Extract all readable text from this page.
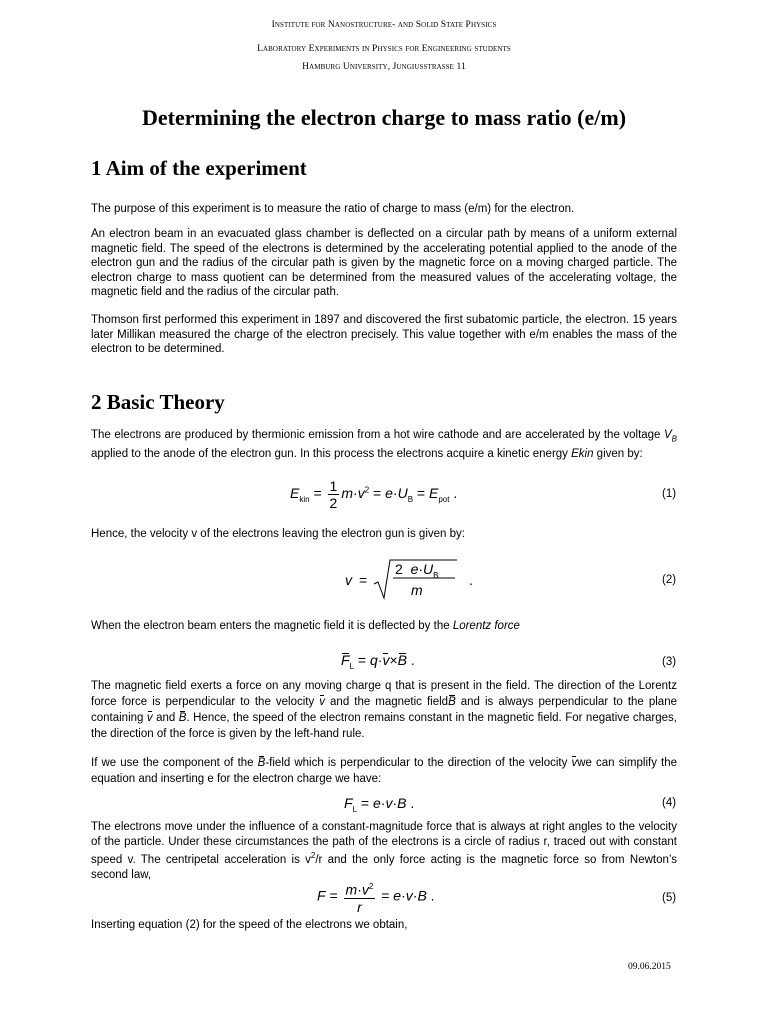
Institute for Nanostructure- and Solid State Physics
Laboratory Experiments in Physics for Engineering students
Hamburg University, Jungiusstraße 11
Determining the electron charge to mass ratio (e/m)
1 Aim of the experiment
The purpose of this experiment is to measure the ratio of charge to mass (e/m) for the electron.
An electron beam in an evacuated glass chamber is deflected on a circular path by means of a uniform external magnetic field. The speed of the electrons is determined by the accelerating potential applied to the anode of the electron gun and the radius of the circular path is given by the magnetic force on a moving charged particle. The electron charge to mass quotient can be determined from the measured values of the accelerating voltage, the magnetic field and the radius of the circular path.
Thomson first performed this experiment in 1897 and discovered the first subatomic particle, the electron. 15 years later Millikan measured the charge of the electron precisely. This value together with e/m enables the mass of the electron to be determined.
2 Basic Theory
The electrons are produced by thermionic emission from a hot wire cathode and are accelerated by the voltage $V_B$ applied to the anode of the electron gun. In this process the electrons acquire a kinetic energy Ekin given by:
$E_{kin} = \frac{1}{2} m\cdot v^2 = e\cdot U_B = E_{pot}$ .	(1)
Hence, the velocity v of the electrons leaving the electron gun is given by:
v =
2  $e\cdot U_B$
m
.	(2)
When the electron beam enters the magnetic field it is deflected by the Lorentz force
$F_L = q\cdot v\times B$ .	(3)
The magnetic field exerts a force on any moving charge q that is present in the field. The direction of the Lorentz force force is perpendicular to the velocity v and the magnetic fieldB and is always perpendicular to the plane containing v and B. Hence, the speed of the electron remains constant in the magnetic field. For negative charges, the direction of the force is given by the left-hand rule.
If we use the component of the B-field which is perpendicular to the direction of the velocity vwe can simplify the equation and inserting e for the electron charge we have:
$F_L = e\cdot v\cdot B$ .	(4)
The electrons move under the influence of a constant-magnitude force that is always at right angles to the velocity of the particle. Under these circumstances the path of the electrons is a circle of radius r, traced out with constant speed v. The centripetal acceleration is $v^2/r$ and the only force acting is the magnetic force so from Newton’s second law,
$F = \frac{m\cdot v^2}{r} = e\cdot v\cdot B$ .	(5)
Inserting equation (2) for the speed of the electrons we obtain,
09.06.2015
